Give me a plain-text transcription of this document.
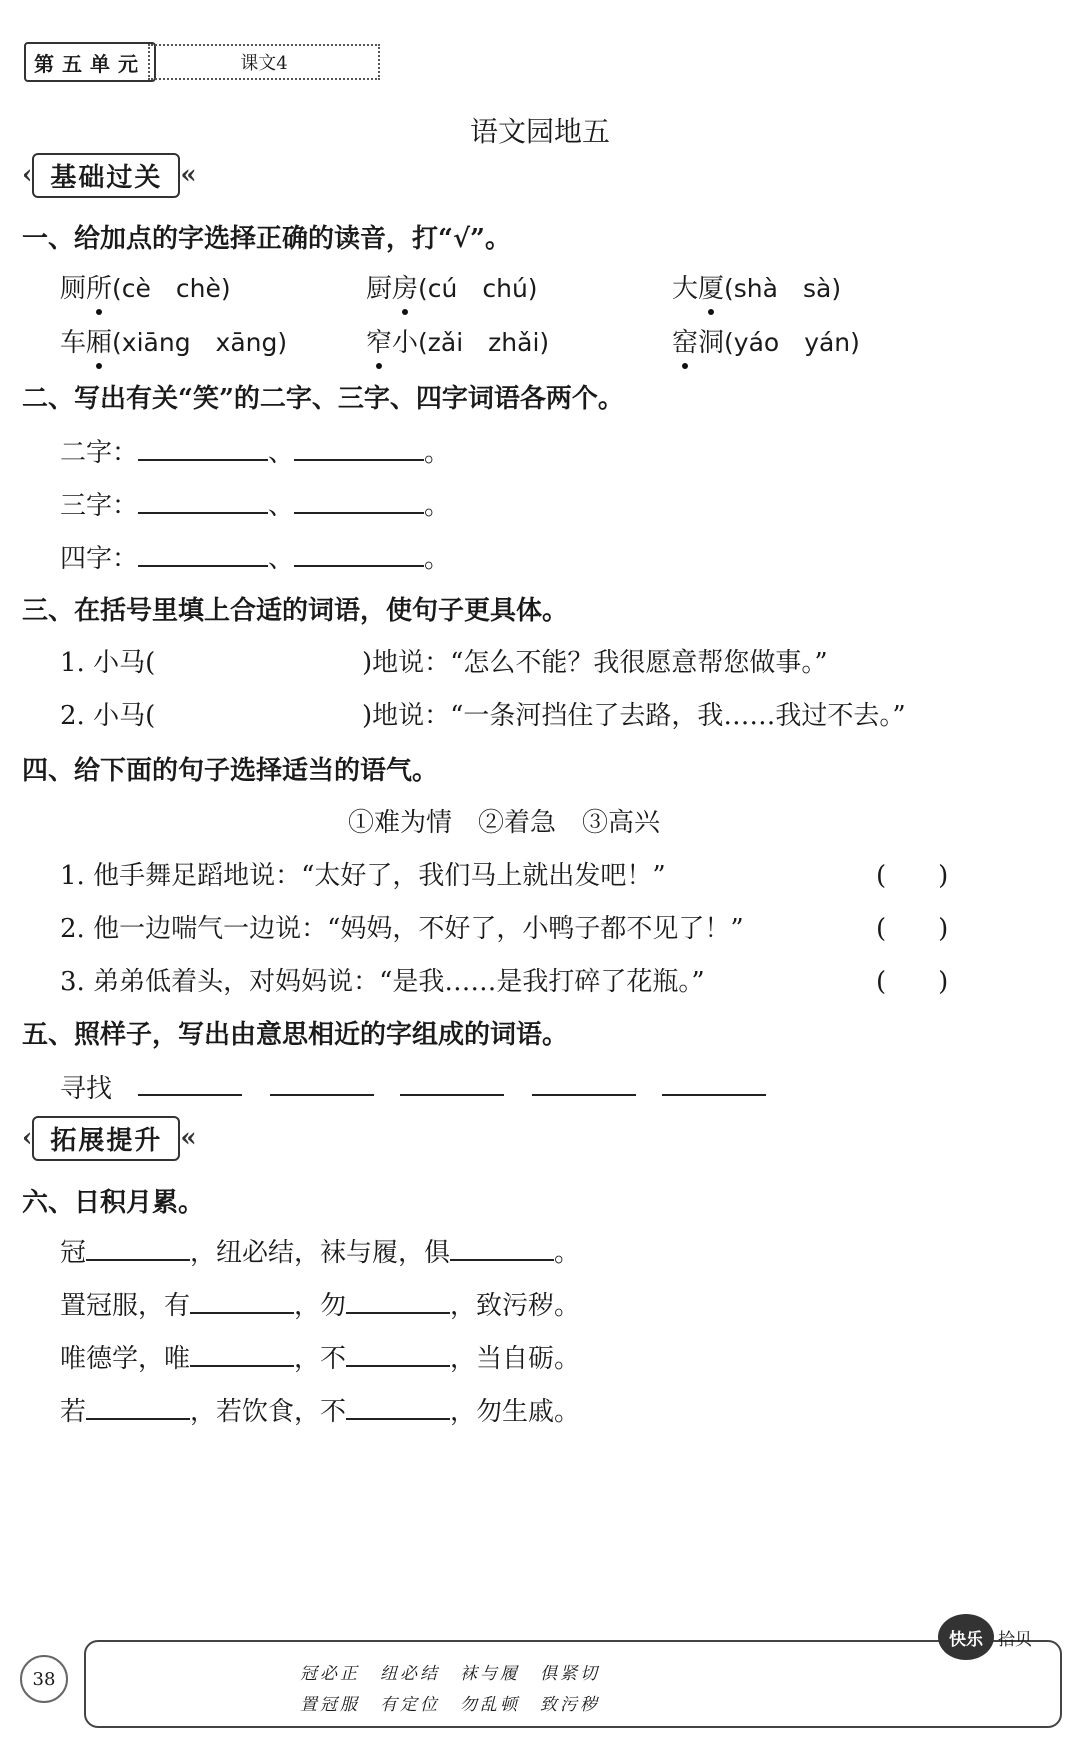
第五单元	课文4
语文园地五
‹ 基础过关 «
一、给加点的字选择正确的读音，打“√”。
厕所(cè　chè)	厨房(cú　chú)	大厦(shà　sà)
车厢(xiāng　xāng)	窄小(zǎi　zhǎi)	窑洞(yáo　yán)
二、写出有关“笑”的二字、三字、四字词语各两个。
二字：	、	。
三字：	、	。
四字：	、	。
三、在括号里填上合适的词语，使句子更具体。
1. 小马(	)地说：“怎么不能？我很愿意帮您做事。”
2. 小马(	)地说：“一条河挡住了去路，我……我过不去。”
四、给下面的句子选择适当的语气。
①难为情　②着急　③高兴
1. 他手舞足蹈地说：“太好了，我们马上就出发吧！”	(　　)
2. 他一边喘气一边说：“妈妈，不好了，小鸭子都不见了！”	(　　)
3. 弟弟低着头，对妈妈说：“是我……是我打碎了花瓶。”	(　　)
五、照样子，写出由意思相近的字组成的词语。
寻找
‹ 拓展提升 «
六、日积月累。
冠	，纽必结，袜与履，俱	。
置冠服，有	，勿	，致污秽。
唯德学，唯	，不	，当自砺。
若	，若饮食，不	，勿生戚。
38	冠必正　纽必结　袜与履　俱紧切
置冠服　有定位　勿乱顿　致污秽
快乐 拾贝
